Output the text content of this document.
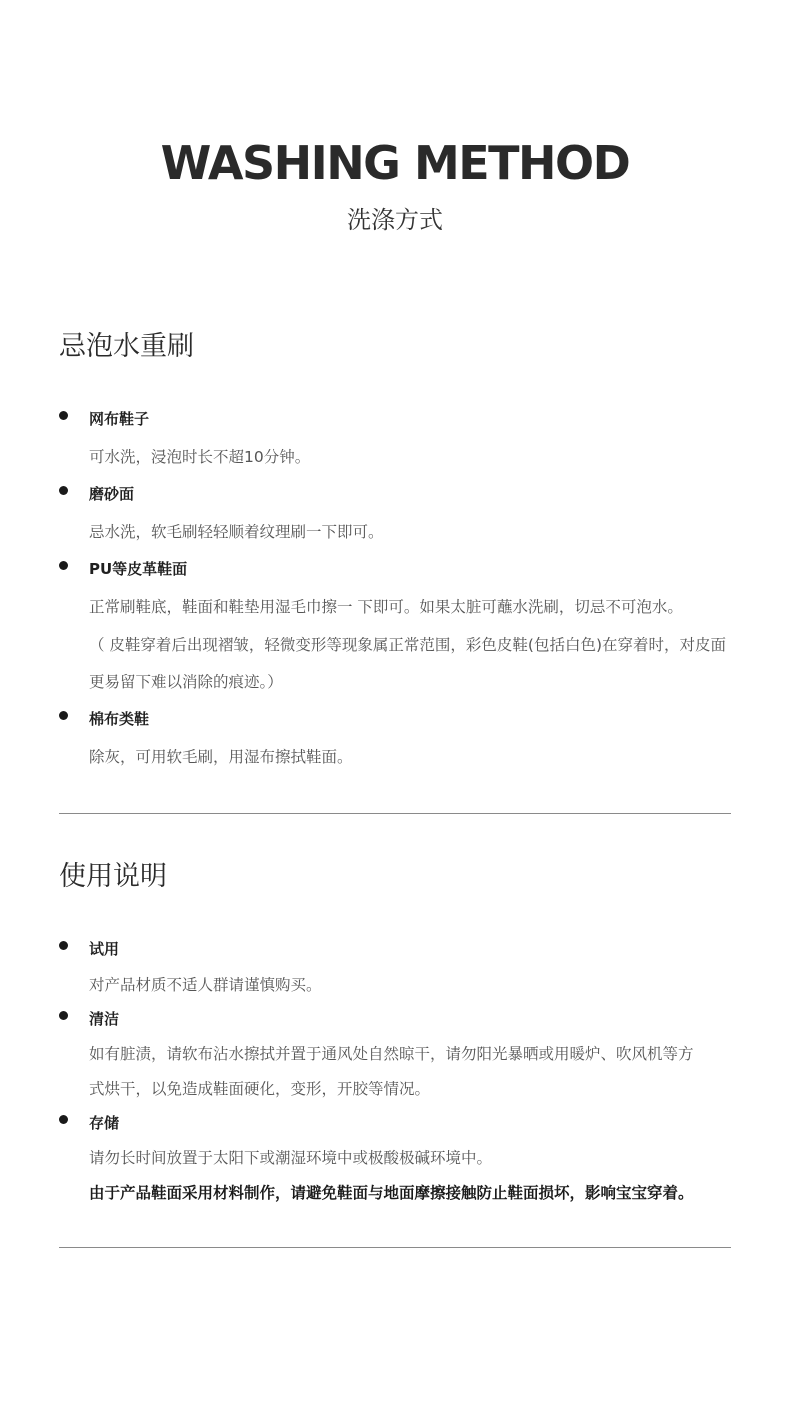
WASHING METHOD
洗涤方式
忌泡水重刷
网布鞋子
可水洗，浸泡时长不超10分钟。
磨砂面
忌水洗，软毛刷轻轻顺着纹理刷一下即可。
PU等皮革鞋面
正常刷鞋底，鞋面和鞋垫用湿毛巾擦一 下即可。如果太脏可蘸水洗刷，切忌不可泡水。
（ 皮鞋穿着后出现褶皱，轻微变形等现象属正常范围，彩色皮鞋(包括白色)在穿着时，对皮面
更易留下难以消除的痕迹。）
棉布类鞋
除灰，可用软毛刷，用湿布擦拭鞋面。
使用说明
试用
对产品材质不适人群请谨慎购买。
清洁
如有脏渍，请软布沾水擦拭并置于通风处自然晾干，请勿阳光暴晒或用暖炉、吹风机等方
式烘干，以免造成鞋面硬化，变形，开胶等情况。
存储
请勿长时间放置于太阳下或潮湿环境中或极酸极碱环境中。
由于产品鞋面采用材料制作，请避免鞋面与地面摩擦接触防止鞋面损坏，影响宝宝穿着。
